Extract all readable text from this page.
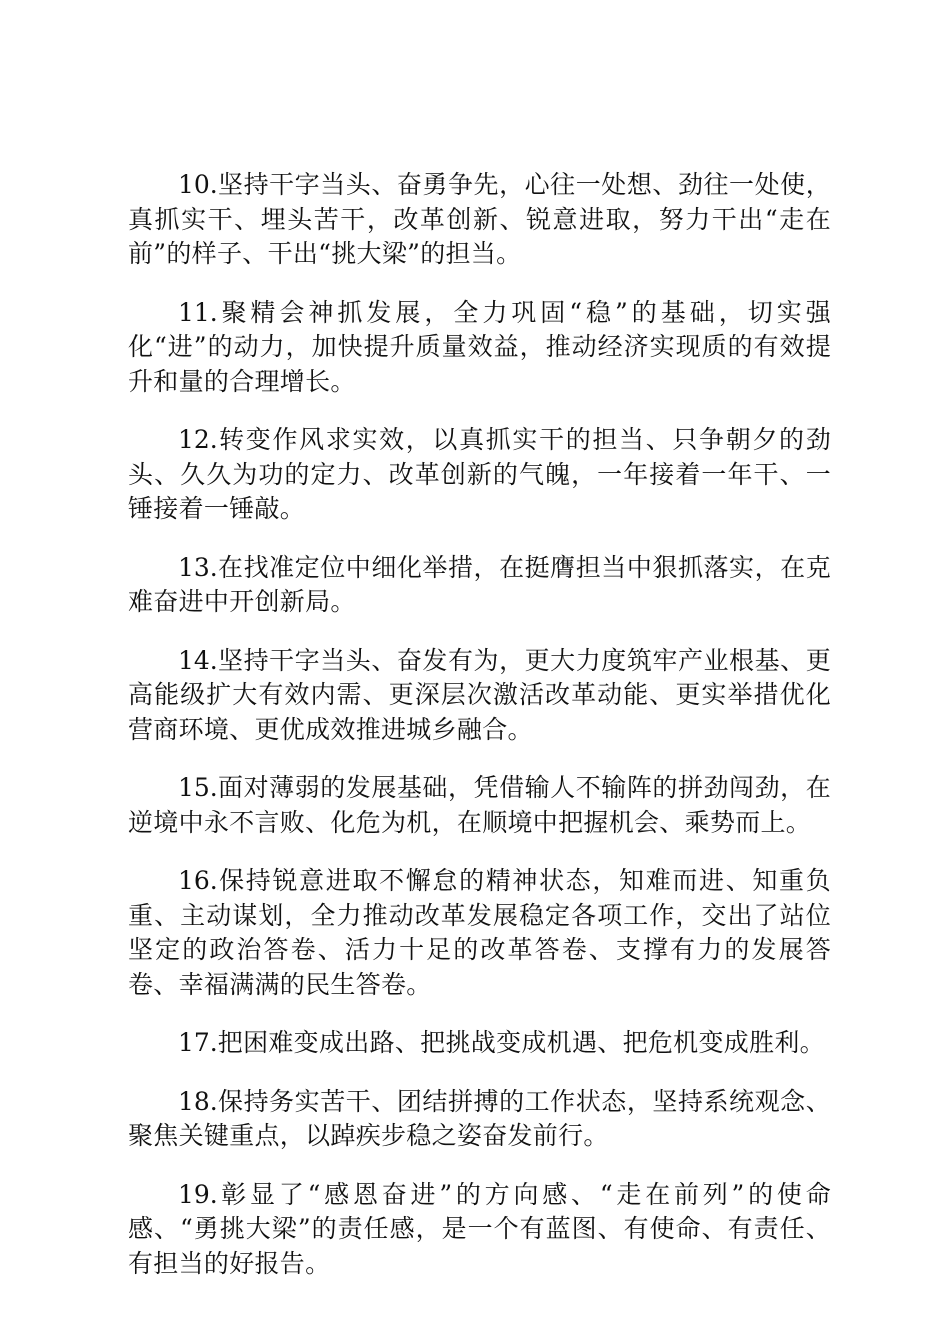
10.坚持干字当头、奋勇争先，心往一处想、劲往一处使，真抓实干、埋头苦干，改革创新、锐意进取，努力干出“走在前”的样子、干出“挑大梁”的担当。

11.聚精会神抓发展，全力巩固“稳”的基础，切实强化“进”的动力，加快提升质量效益，推动经济实现质的有效提升和量的合理增长。

12.转变作风求实效，以真抓实干的担当、只争朝夕的劲头、久久为功的定力、改革创新的气魄，一年接着一年干、一锤接着一锤敲。

13.在找准定位中细化举措，在挺膺担当中狠抓落实，在克难奋进中开创新局。

14.坚持干字当头、奋发有为，更大力度筑牢产业根基、更高能级扩大有效内需、更深层次激活改革动能、更实举措优化营商环境、更优成效推进城乡融合。

15.面对薄弱的发展基础，凭借输人不输阵的拼劲闯劲，在逆境中永不言败、化危为机，在顺境中把握机会、乘势而上。

16.保持锐意进取不懈怠的精神状态，知难而进、知重负重、主动谋划，全力推动改革发展稳定各项工作，交出了站位坚定的政治答卷、活力十足的改革答卷、支撑有力的发展答卷、幸福满满的民生答卷。

17.把困难变成出路、把挑战变成机遇、把危机变成胜利。

18.保持务实苦干、团结拼搏的工作状态，坚持系统观念、聚焦关键重点，以踔疾步稳之姿奋发前行。

19.彰显了“感恩奋进”的方向感、“走在前列”的使命感、“勇挑大梁”的责任感，是一个有蓝图、有使命、有责任、有担当的好报告。
